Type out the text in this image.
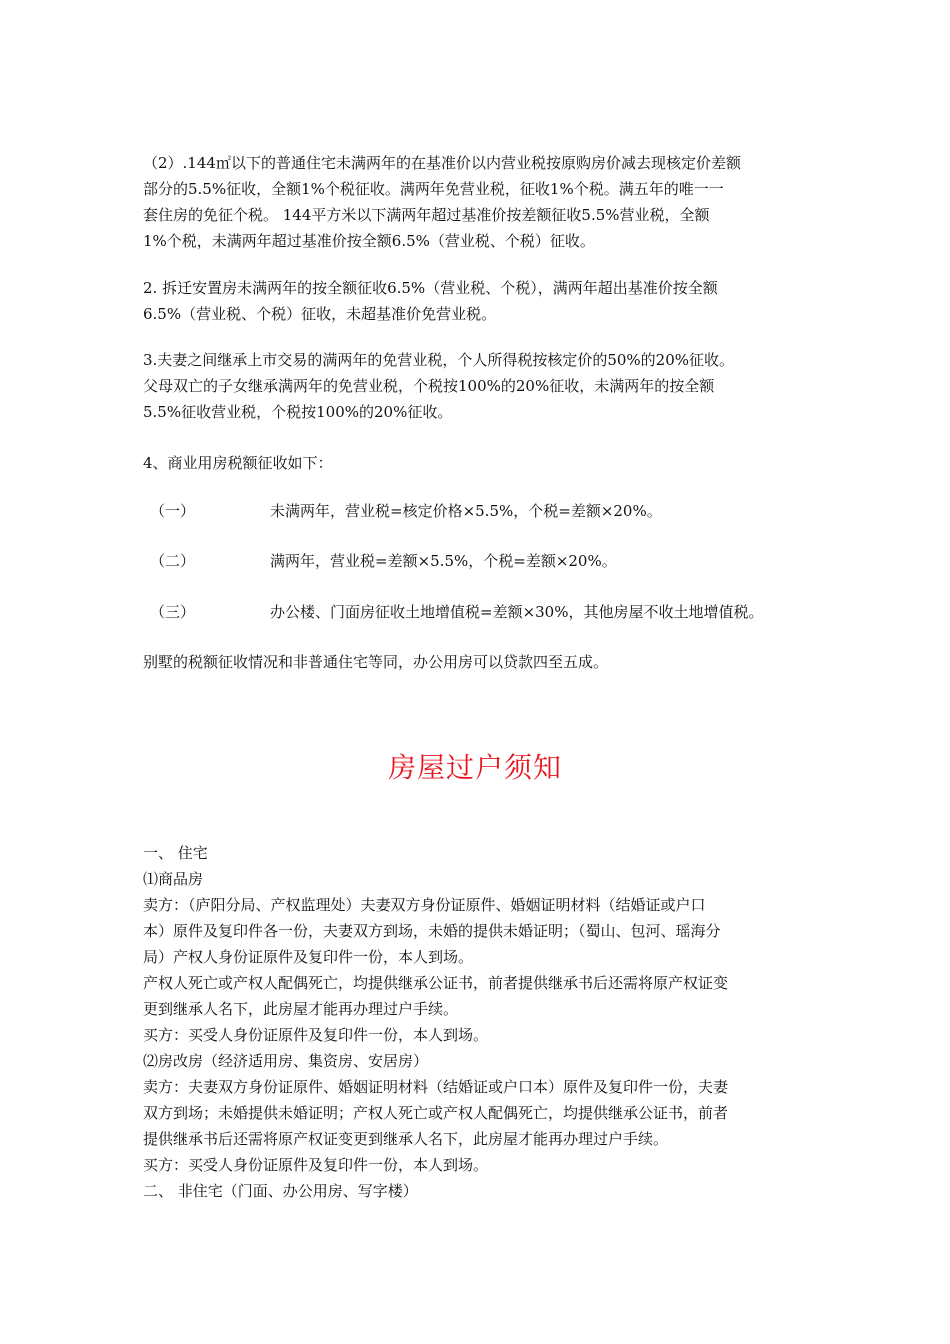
（2）.144㎡以下的普通住宅未满两年的在基准价以内营业税按原购房价减去现核定价差额
部分的5.5%征收，全额1%个税征收。满两年免营业税，征收1%个税。满五年的唯一一
套住房的免征个税。 144平方米以下满两年超过基准价按差额征收5.5%营业税，全额
1%个税，未满两年超过基准价按全额6.5%（营业税、个税）征收。
2. 拆迁安置房未满两年的按全额征收6.5%（营业税、个税），满两年超出基准价按全额
6.5%（营业税、个税）征收，未超基准价免营业税。
3.夫妻之间继承上市交易的满两年的免营业税，个人所得税按核定价的50%的20%征收。
父母双亡的子女继承满两年的免营业税，个税按100%的20%征收，未满两年的按全额
5.5%征收营业税，个税按100%的20%征收。
4、商业用房税额征收如下：
（一）	未满两年，营业税=核定价格×5.5%，个税=差额×20%。
（二）	满两年，营业税=差额×5.5%，个税=差额×20%。
（三）	办公楼、门面房征收土地增值税=差额×30%，其他房屋不收土地增值税。
别墅的税额征收情况和非普通住宅等同，办公用房可以贷款四至五成。
房屋过户须知
一、 住宅
⑴商品房
卖方：（庐阳分局、产权监理处）夫妻双方身份证原件、婚姻证明材料（结婚证或户口
本）原件及复印件各一份，夫妻双方到场，未婚的提供未婚证明；（蜀山、包河、瑶海分
局）产权人身份证原件及复印件一份，本人到场。
产权人死亡或产权人配偶死亡，均提供继承公证书，前者提供继承书后还需将原产权证变
更到继承人名下，此房屋才能再办理过户手续。
买方：买受人身份证原件及复印件一份，本人到场。
⑵房改房（经济适用房、集资房、安居房）
卖方：夫妻双方身份证原件、婚姻证明材料（结婚证或户口本）原件及复印件一份，夫妻
双方到场；未婚提供未婚证明；产权人死亡或产权人配偶死亡，均提供继承公证书，前者
提供继承书后还需将原产权证变更到继承人名下，此房屋才能再办理过户手续。
买方：买受人身份证原件及复印件一份，本人到场。
二、 非住宅（门面、办公用房、写字楼）
